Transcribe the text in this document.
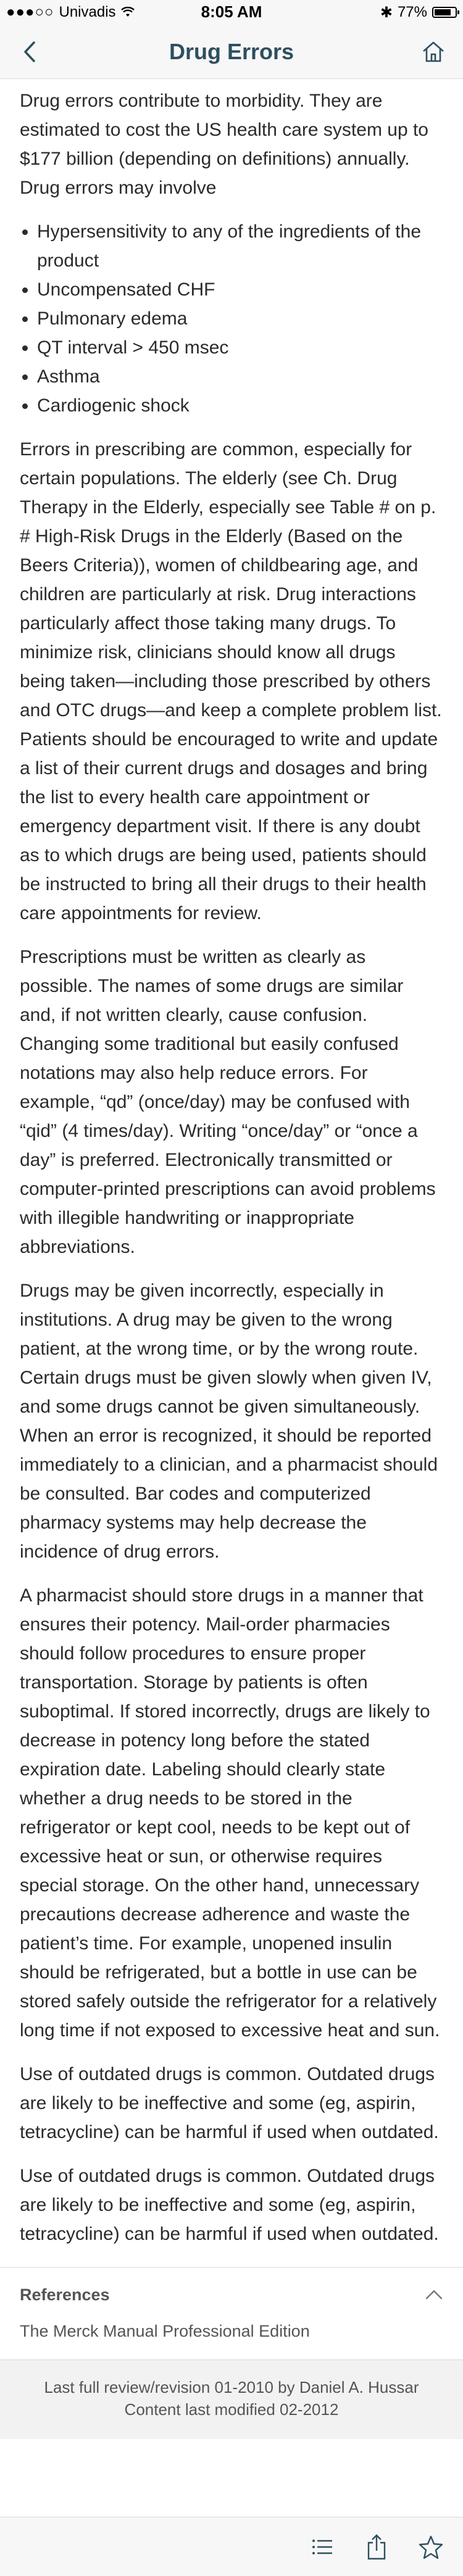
●●●○○ Univadis	8:05 AM	✱ 77%
Drug Errors

Drug errors contribute to morbidity. They are estimated to cost the US health care system up to $177 billion (depending on definitions) annually. Drug errors may involve

• Hypersensitivity to any of the ingredients of the product
• Uncompensated CHF
• Pulmonary edema
• QT interval > 450 msec
• Asthma
• Cardiogenic shock

Errors in prescribing are common, especially for certain populations. The elderly (see Ch. Drug Therapy in the Elderly, especially see Table # on p. # High-Risk Drugs in the Elderly (Based on the Beers Criteria)), women of childbearing age, and children are particularly at risk. Drug interactions particularly affect those taking many drugs. To minimize risk, clinicians should know all drugs being taken—including those prescribed by others and OTC drugs—and keep a complete problem list. Patients should be encouraged to write and update a list of their current drugs and dosages and bring the list to every health care appointment or emergency department visit. If there is any doubt as to which drugs are being used, patients should be instructed to bring all their drugs to their health care appointments for review.

Prescriptions must be written as clearly as possible. The names of some drugs are similar and, if not written clearly, cause confusion. Changing some traditional but easily confused notations may also help reduce errors. For example, “qd” (once/day) may be confused with “qid” (4 times/day). Writing “once/day” or “once a day” is preferred. Electronically transmitted or computer-printed prescriptions can avoid problems with illegible handwriting or inappropriate abbreviations.

Drugs may be given incorrectly, especially in institutions. A drug may be given to the wrong patient, at the wrong time, or by the wrong route. Certain drugs must be given slowly when given IV, and some drugs cannot be given simultaneously. When an error is recognized, it should be reported immediately to a clinician, and a pharmacist should be consulted. Bar codes and computerized pharmacy systems may help decrease the incidence of drug errors.

A pharmacist should store drugs in a manner that ensures their potency. Mail-order pharmacies should follow procedures to ensure proper transportation. Storage by patients is often suboptimal. If stored incorrectly, drugs are likely to decrease in potency long before the stated expiration date. Labeling should clearly state whether a drug needs to be stored in the refrigerator or kept cool, needs to be kept out of excessive heat or sun, or otherwise requires special storage. On the other hand, unnecessary precautions decrease adherence and waste the patient’s time. For example, unopened insulin should be refrigerated, but a bottle in use can be stored safely outside the refrigerator for a relatively long time if not exposed to excessive heat and sun.

Use of outdated drugs is common. Outdated drugs are likely to be ineffective and some (eg, aspirin, tetracycline) can be harmful if used when outdated.

Use of outdated drugs is common. Outdated drugs are likely to be ineffective and some (eg, aspirin, tetracycline) can be harmful if used when outdated.

References
The Merck Manual Professional Edition
Last full review/revision 01-2010 by Daniel A. Hussar
Content last modified 02-2012
